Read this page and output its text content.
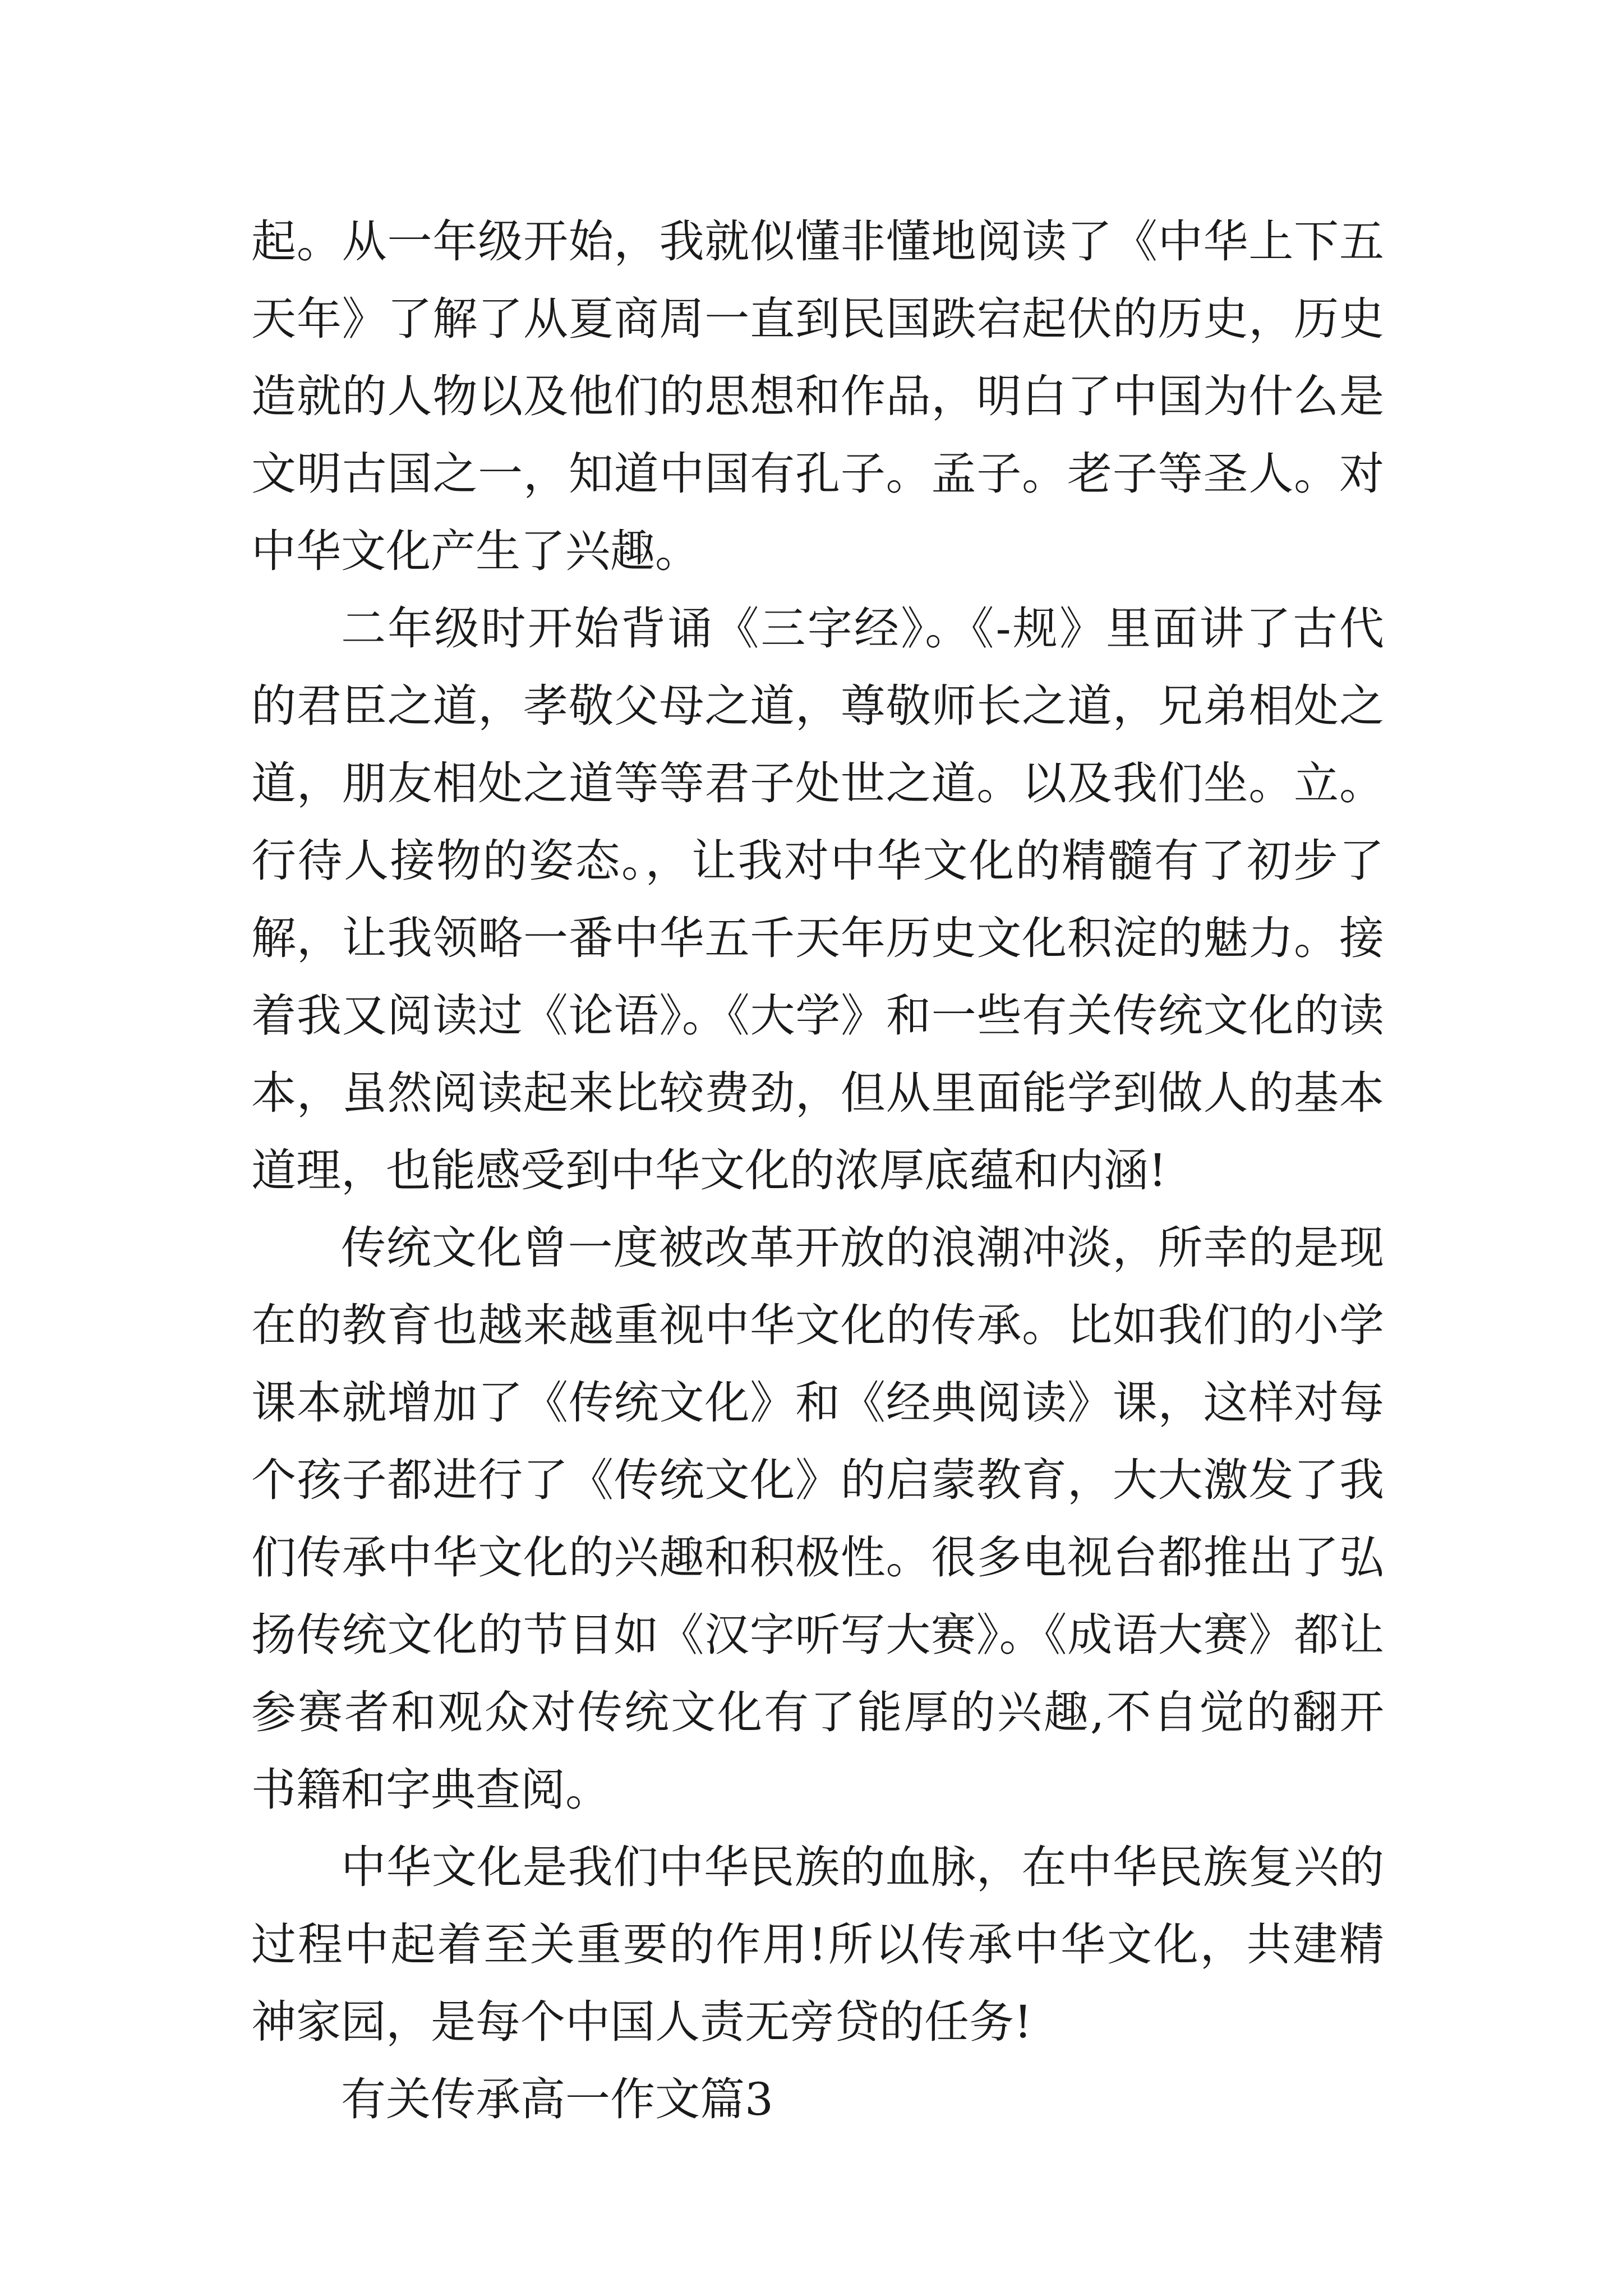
起。从一年级开始，我就似懂非懂地阅读了《中华上下五天年》了解了从夏商周一直到民国跌宕起伏的历史，历史造就的人物以及他们的思想和作品，明白了中国为什么是文明古国之一，知道中国有孔子。孟子。老子等圣人。对中华文化产生了兴趣。

二年级时开始背诵《三字经》。《-规》里面讲了古代的君臣之道，孝敬父母之道，尊敬师长之道，兄弟相处之道，朋友相处之道等等君子处世之道。以及我们坐。立。行待人接物的姿态。，让我对中华文化的精髓有了初步了解，让我领略一番中华五千天年历史文化积淀的魅力。接着我又阅读过《论语》。《大学》和一些有关传统文化的读本，虽然阅读起来比较费劲，但从里面能学到做人的基本道理，也能感受到中华文化的浓厚底蕴和内涵!

传统文化曾一度被改革开放的浪潮冲淡，所幸的是现在的教育也越来越重视中华文化的传承。比如我们的小学课本就增加了《传统文化》和《经典阅读》课，这样对每个孩子都进行了《传统文化》的启蒙教育，大大激发了我们传承中华文化的兴趣和积极性。很多电视台都推出了弘扬传统文化的节目如《汉字听写大赛》。《成语大赛》都让参赛者和观众对传统文化有了能厚的兴趣,不自觉的翻开书籍和字典查阅。

中华文化是我们中华民族的血脉，在中华民族复兴的过程中起着至关重要的作用!所以传承中华文化，共建精神家园，是每个中国人责无旁贷的任务!

有关传承高一作文篇3
